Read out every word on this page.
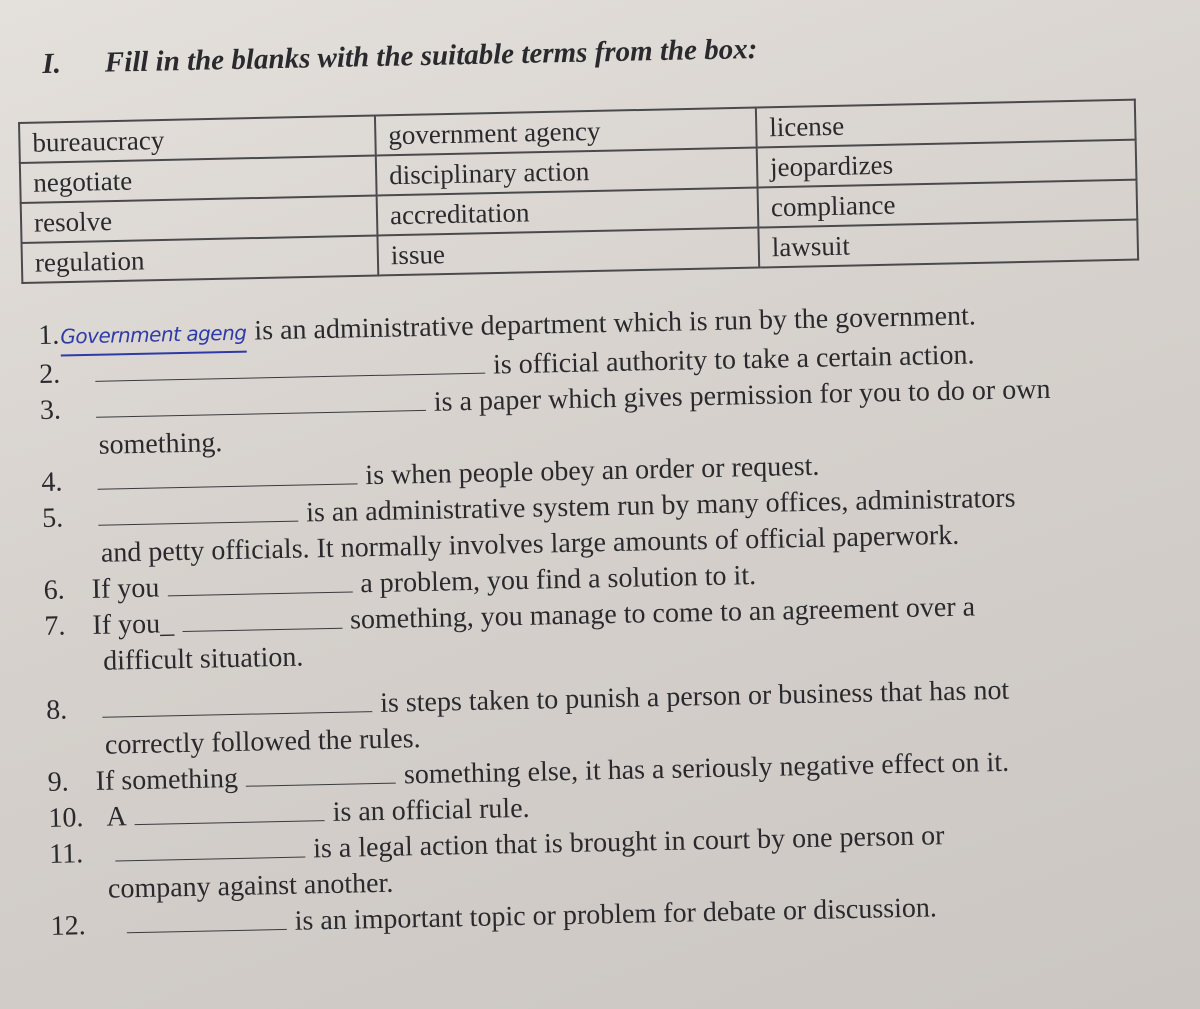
I. Fill in the blanks with the suitable terms from the box:
bureaucracy	government agency	license
negotiate	disciplinary action	jeopardizes
resolve	accreditation	compliance
regulation	issue	lawsuit
1. Government ageng is an administrative department which is run by the government.
2.	is official authority to take a certain action.
3.	is a paper which gives permission for you to do or own
something.
4.	is when people obey an order or request.
5.	is an administrative system run by many offices, administrators
and petty officials. It normally involves large amounts of official paperwork.
6. If you	a problem, you find a solution to it.
7. If you_	something, you manage to come to an agreement over a
difficult situation.
8.	is steps taken to punish a person or business that has not
correctly followed the rules.
9. If something	something else, it has a seriously negative effect on it.
10. A	is an official rule.
11.	is a legal action that is brought in court by one person or
company against another.
12.	is an important topic or problem for debate or discussion.
